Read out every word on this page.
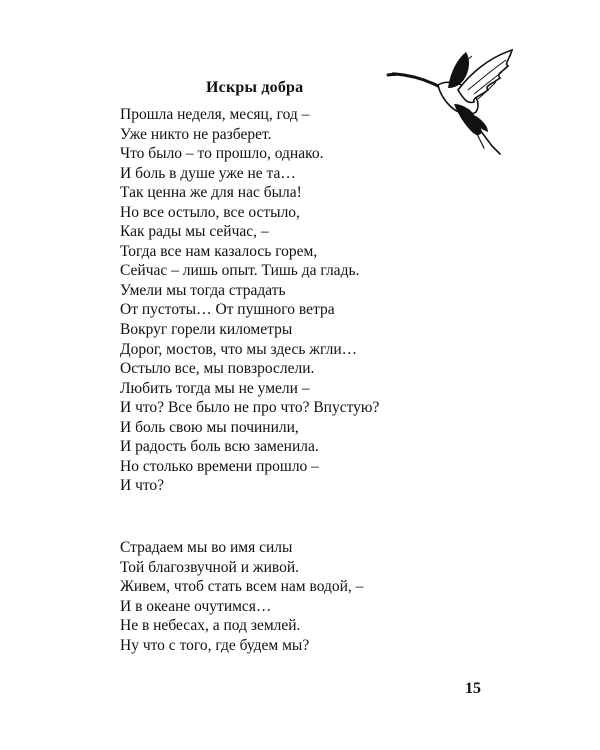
Искры добра
Прошла неделя, месяц, год –
Уже никто не разберет.
Что было – то прошло, однако.
И боль в душе уже не та…
Так ценна же для нас была!
Но все остыло, все остыло,
Как рады мы сейчас, –
Тогда все нам казалось горем,
Сейчас – лишь опыт. Тишь да гладь.
Умели мы тогда страдать
От пустоты… От пушного ветра
Вокруг горели километры
Дорог, мостов, что мы здесь жгли…
Остыло все, мы повзрослели.
Любить тогда мы не умели –
И что? Все было не про что? Впустую?
И боль свою мы починили,
И радость боль всю заменила.
Но столько времени прошло –
И что?
Страдаем мы во имя силы
Той благозвучной и живой.
Живем, чтоб стать всем нам водой, –
И в океане очутимся…
Не в небесах, а под землей.
Ну что с того, где будем мы?
15
